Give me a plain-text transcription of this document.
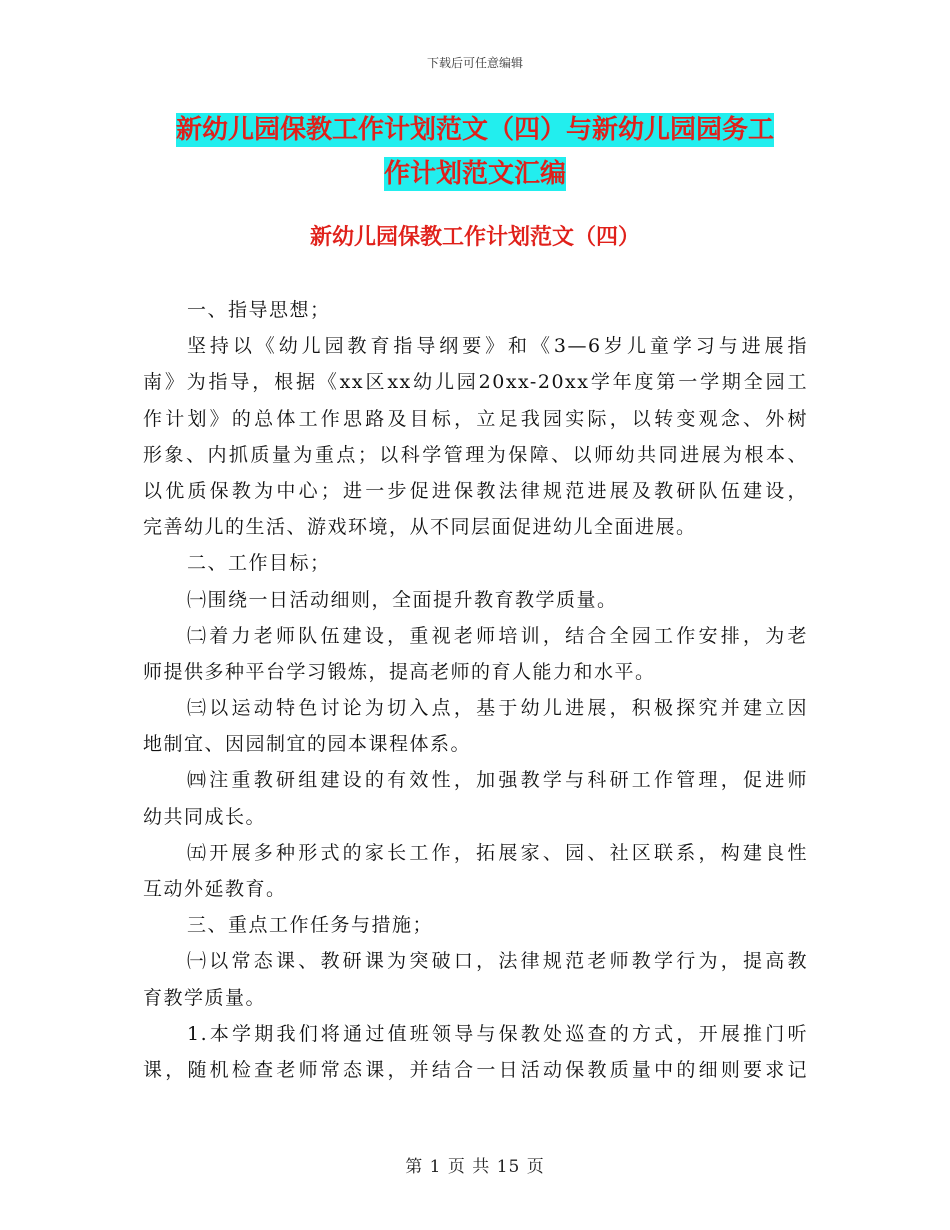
下载后可任意编辑
新幼儿园保教工作计划范文（四）与新幼儿园园务工
作计划范文汇编
新幼儿园保教工作计划范文（四）
一、指导思想；
坚持以《幼儿园教育指导纲要》和《3—6岁儿童学习与进展指
南》为指导，根据《xx区xx幼儿园20xx-20xx学年度第一学期全园工
作计划》的总体工作思路及目标，立足我园实际，以转变观念、外树
形象、内抓质量为重点；以科学管理为保障、以师幼共同进展为根本、
以优质保教为中心；进一步促进保教法律规范进展及教研队伍建设，
完善幼儿的生活、游戏环境，从不同层面促进幼儿全面进展。
二、工作目标；
㈠围绕一日活动细则，全面提升教育教学质量。
㈡着力老师队伍建设，重视老师培训，结合全园工作安排，为老
师提供多种平台学习锻炼，提高老师的育人能力和水平。
㈢以运动特色讨论为切入点，基于幼儿进展，积极探究并建立因
地制宜、因园制宜的园本课程体系。
㈣注重教研组建设的有效性，加强教学与科研工作管理，促进师
幼共同成长。
㈤开展多种形式的家长工作，拓展家、园、社区联系，构建良性
互动外延教育。
三、重点工作任务与措施；
㈠以常态课、教研课为突破口，法律规范老师教学行为，提高教
育教学质量。
1.本学期我们将通过值班领导与保教处巡查的方式，开展推门听
课，随机检查老师常态课，并结合一日活动保教质量中的细则要求记
第 1 页 共 15 页
